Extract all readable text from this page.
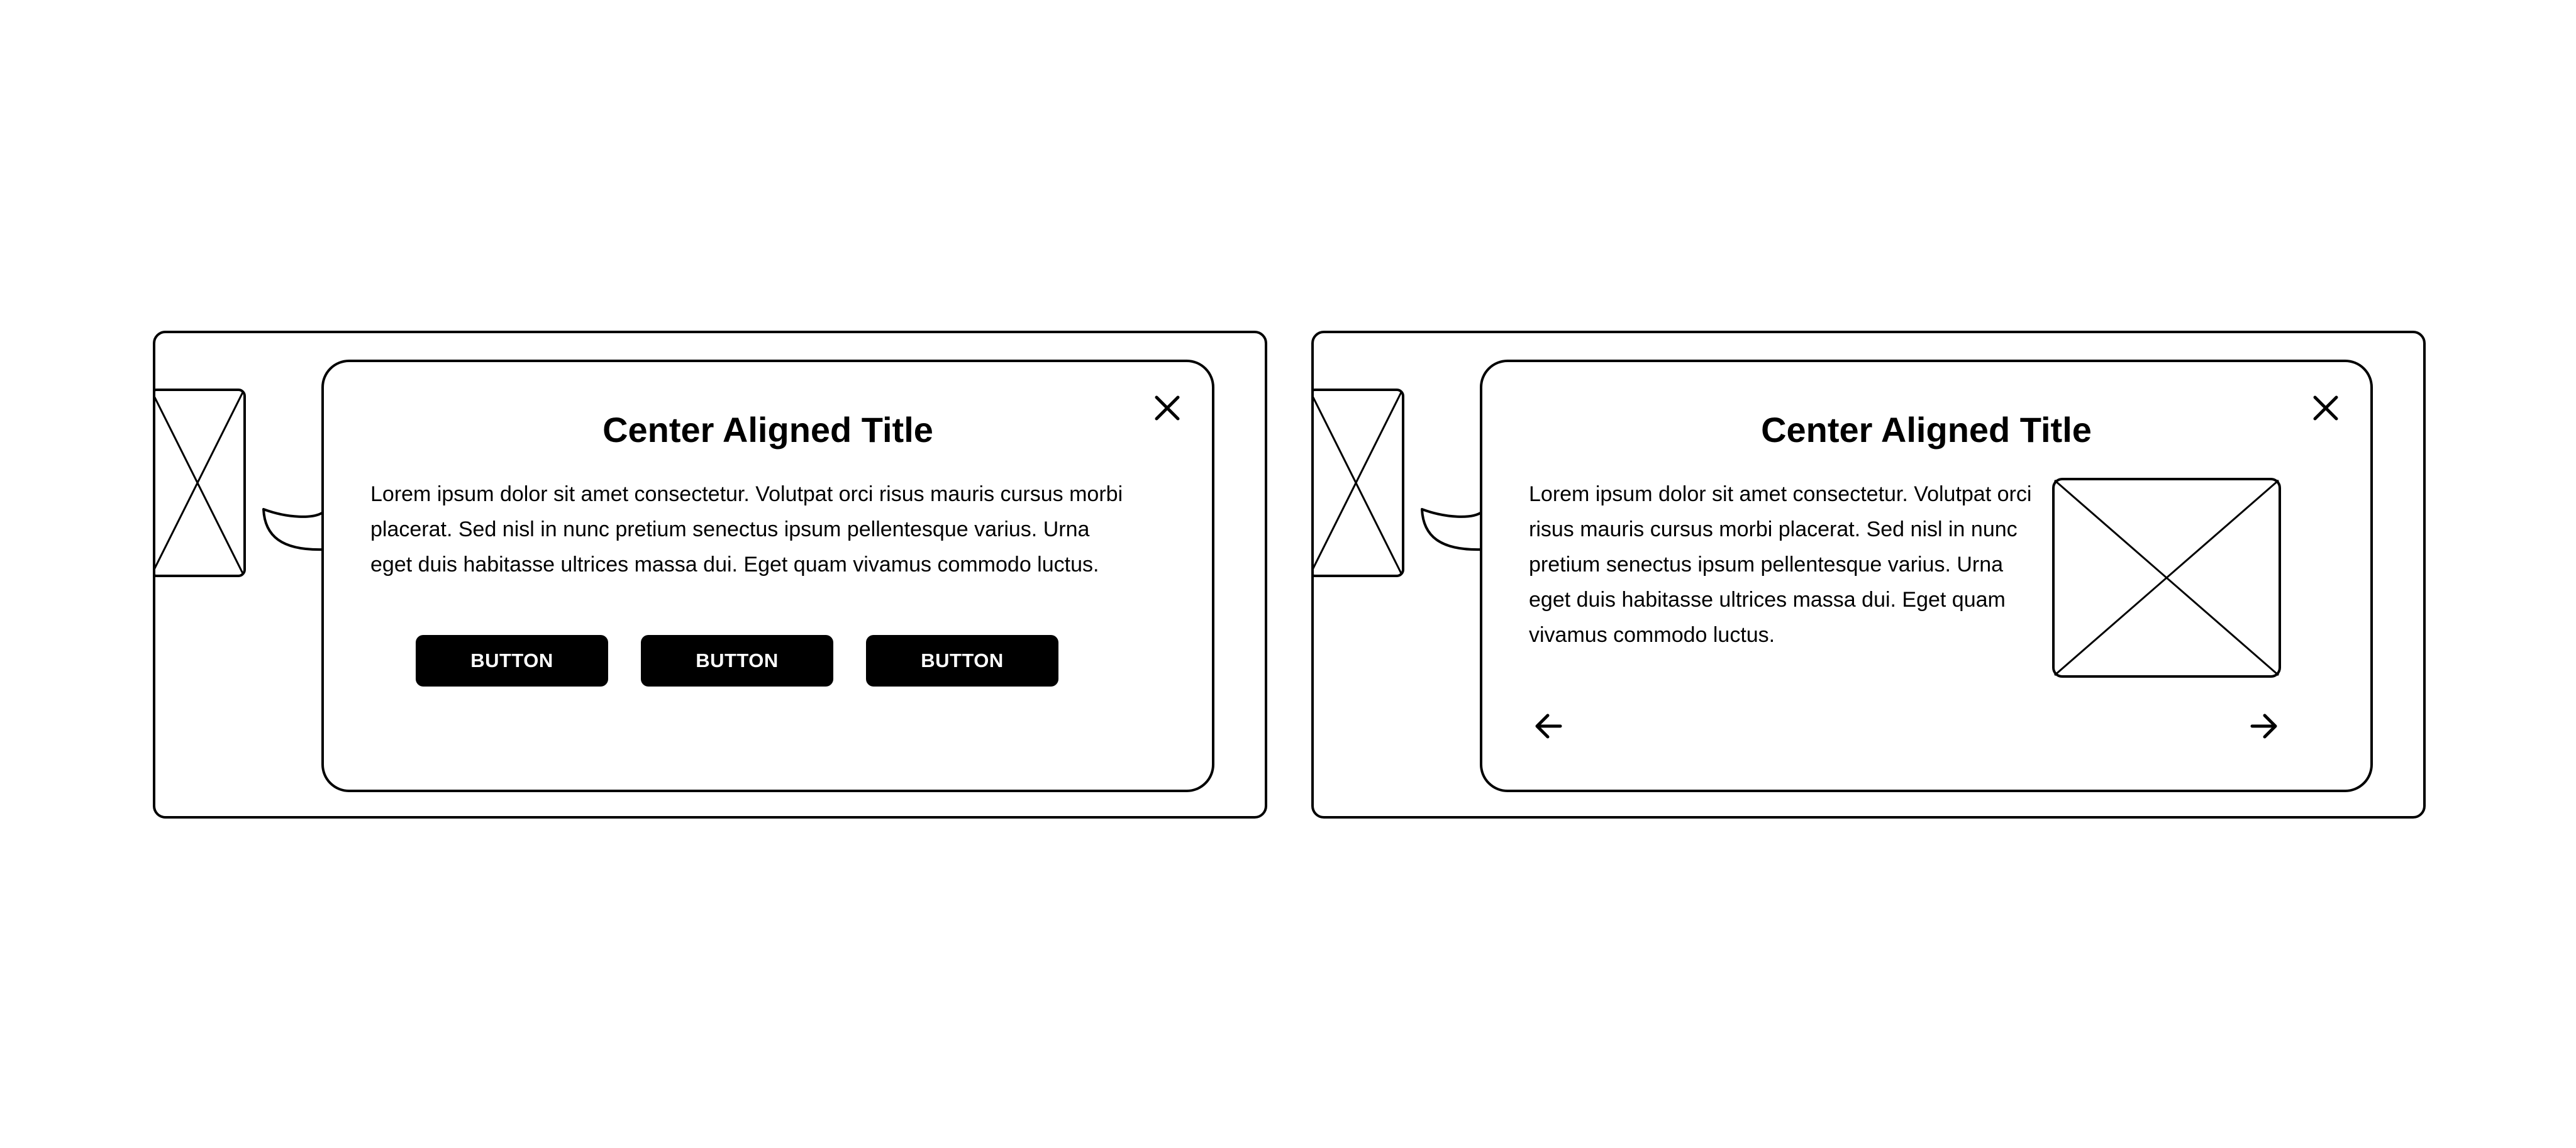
Center Aligned Title

Lorem ipsum dolor sit amet consectetur. Volutpat orci risus mauris cursus morbi placerat. Sed nisl in nunc pretium senectus ipsum pellentesque varius. Urna eget duis habitasse ultrices massa dui. Eget quam vivamus commodo luctus.

BUTTON	BUTTON	BUTTON
Center Aligned Title

Lorem ipsum dolor sit amet consectetur. Volutpat orci risus mauris cursus morbi placerat. Sed nisl in nunc pretium senectus ipsum pellentesque varius. Urna eget duis habitasse ultrices massa dui. Eget quam vivamus commodo luctus.
